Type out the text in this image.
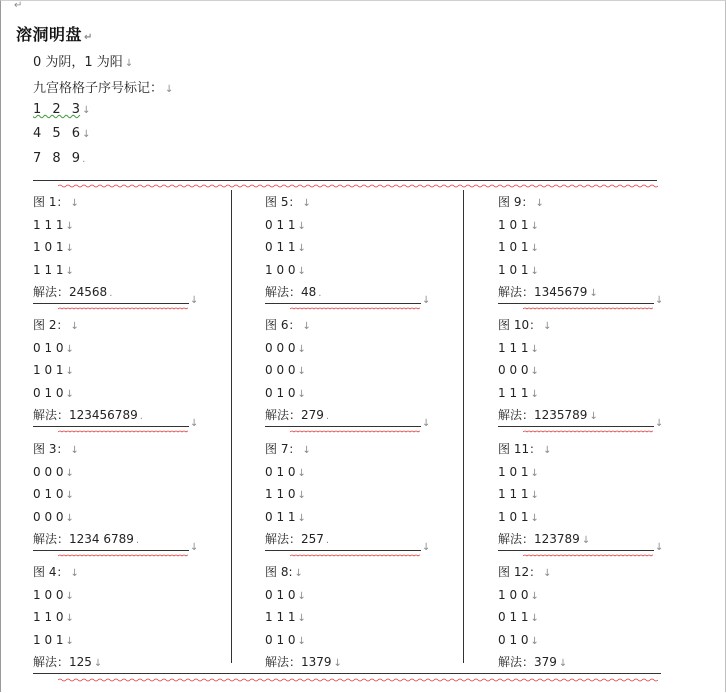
↵
溶洞明盘 ↵
0 为阴，1 为阳 ↓
九宫格格子序号标记： ↓
1 2 3 ↓
4 5 6 ↓
7 8 9 .
图 1： ↓
1 1 1 ↓
1 0 1 ↓
1 1 1 ↓
解法：24568 .
↓
图 5： ↓
0 1 1 ↓
0 1 1 ↓
1 0 0 ↓
解法：48 .
↓
图 9： ↓
1 0 1 ↓
1 0 1 ↓
1 0 1 ↓
解法：1345679 ↓
↓
图 2： ↓
0 1 0 ↓
1 0 1 ↓
0 1 0 ↓
解法：123456789 .
↓
图 6： ↓
0 0 0 ↓
0 0 0 ↓
0 1 0 ↓
解法：279 .
↓
图 10： ↓
1 1 1 ↓
0 0 0 ↓
1 1 1 ↓
解法：1235789 ↓
↓
图 3： ↓
0 0 0 ↓
0 1 0 ↓
0 0 0 ↓
解法：1234 6789 .
↓
图 7： ↓
0 1 0 ↓
1 1 0 ↓
0 1 1 ↓
解法：257 .
↓
图 11： ↓
1 0 1 ↓
1 1 1 ↓
1 0 1 ↓
解法：123789 ↓
↓
图 4： ↓
1 0 0 ↓
1 1 0 ↓
1 0 1 ↓
解法：125 ↓
图 8: ↓
0 1 0 ↓
1 1 1 ↓
0 1 0 ↓
解法：1379 ↓
图 12： ↓
1 0 0 ↓
0 1 1 ↓
0 1 0 ↓
解法：379 ↓
